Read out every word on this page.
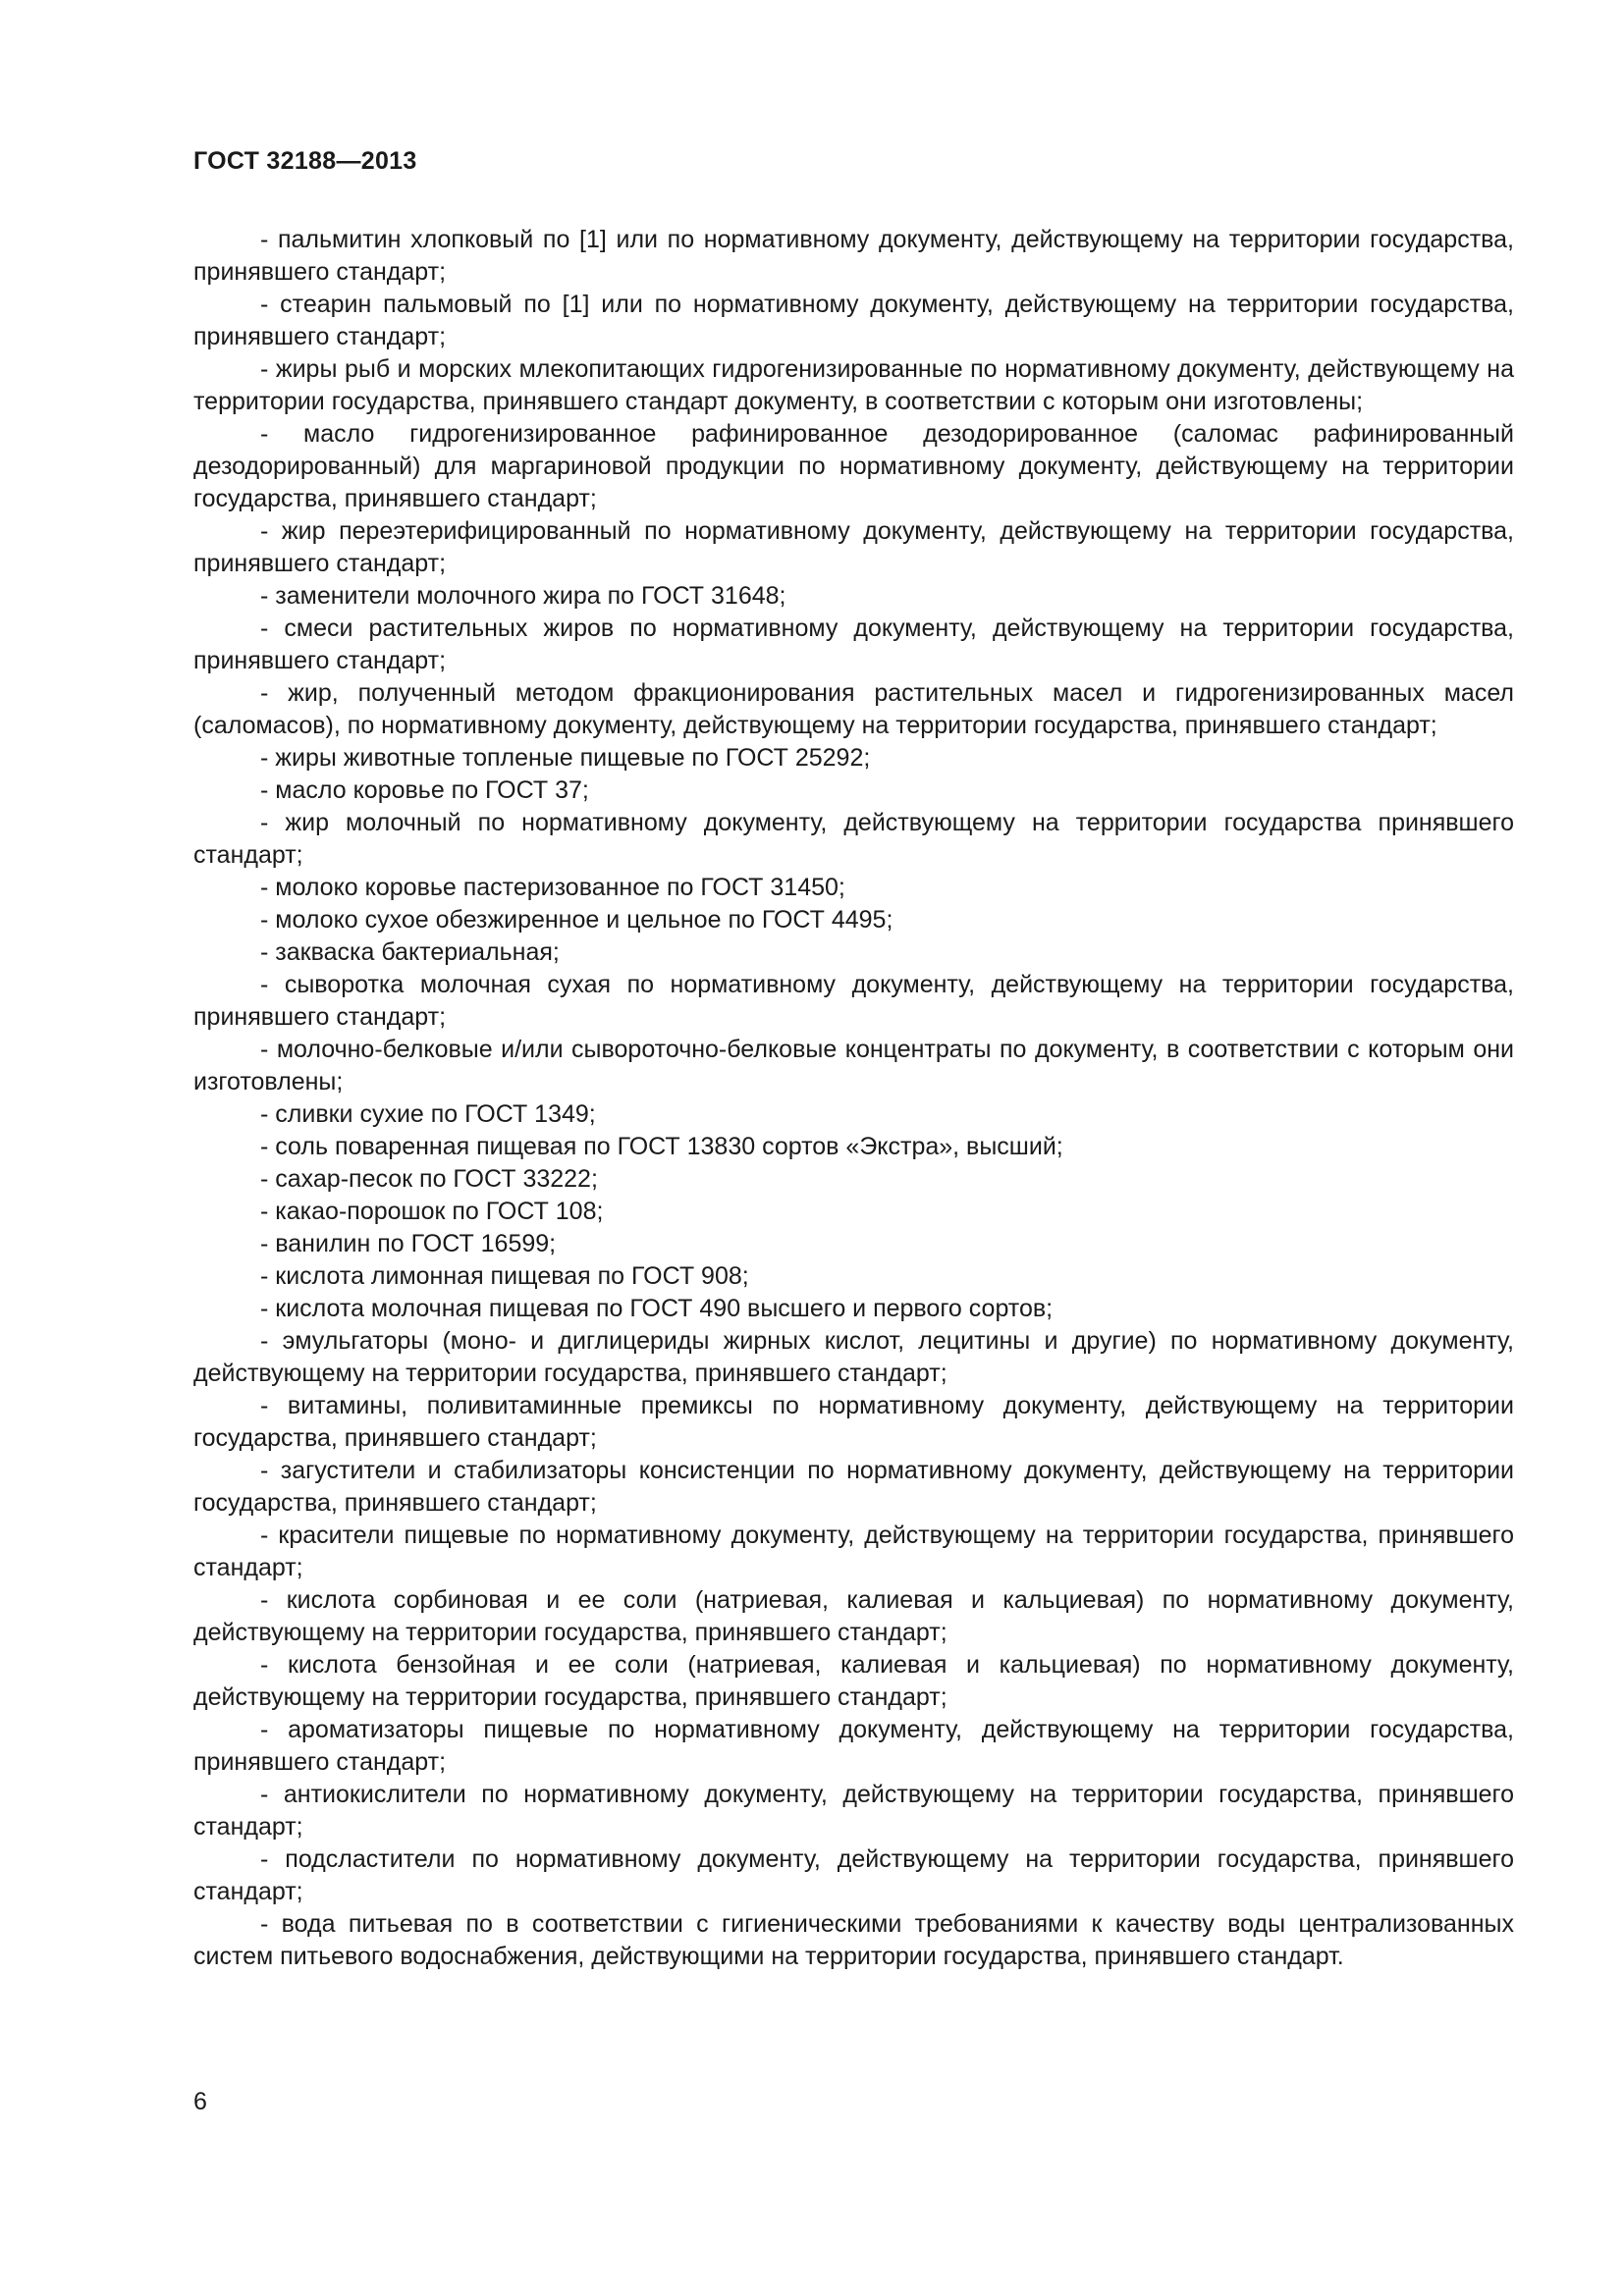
ГОСТ 32188—2013
- пальмитин хлопковый по [1] или по нормативному документу, действующему на территории государства, принявшего стандарт;
- стеарин пальмовый по [1] или по нормативному документу, действующему на территории государства, принявшего стандарт;
- жиры рыб и морских млекопитающих гидрогенизированные по нормативному документу, действующему на территории государства, принявшего стандарт документу, в соответствии с которым они изготовлены;
- масло гидрогенизированное рафинированное дезодорированное (саломас рафинированный дезодорированный) для маргариновой продукции по нормативному документу, действующему на территории государства, принявшего стандарт;
- жир переэтерифицированный по нормативному документу, действующему на территории государства, принявшего стандарт;
- заменители молочного жира по ГОСТ 31648;
- смеси растительных жиров по нормативному документу, действующему на территории государства, принявшего стандарт;
- жир, полученный методом фракционирования растительных масел и гидрогенизированных масел (саломасов), по нормативному документу, действующему на территории государства, принявшего стандарт;
- жиры животные топленые пищевые по ГОСТ 25292;
- масло коровье по ГОСТ 37;
- жир молочный по нормативному документу, действующему на территории государства принявшего стандарт;
- молоко коровье пастеризованное по ГОСТ 31450;
- молоко сухое обезжиренное и цельное по ГОСТ 4495;
- закваска бактериальная;
- сыворотка молочная сухая по нормативному документу, действующему на территории государства, принявшего стандарт;
- молочно-белковые и/или сывороточно-белковые концентраты по документу, в соответствии с которым они изготовлены;
- сливки сухие по ГОСТ 1349;
- соль поваренная пищевая по ГОСТ 13830 сортов «Экстра», высший;
- сахар-песок по ГОСТ 33222;
- какао-порошок по ГОСТ 108;
- ванилин по ГОСТ 16599;
- кислота лимонная пищевая по ГОСТ 908;
- кислота молочная пищевая по ГОСТ 490 высшего и первого сортов;
- эмульгаторы (моно- и диглицериды жирных кислот, лецитины и другие) по нормативному документу, действующему на территории государства, принявшего стандарт;
- витамины, поливитаминные премиксы по нормативному документу, действующему на территории государства, принявшего стандарт;
- загустители и стабилизаторы консистенции по нормативному документу, действующему на территории государства, принявшего стандарт;
- красители пищевые по нормативному документу, действующему на территории государства, принявшего стандарт;
- кислота сорбиновая и ее соли (натриевая, калиевая и кальциевая) по нормативному документу, действующему на территории государства, принявшего стандарт;
- кислота бензойная и ее соли (натриевая, калиевая и кальциевая) по нормативному документу, действующему на территории государства, принявшего стандарт;
- ароматизаторы пищевые по нормативному документу, действующему на территории государства, принявшего стандарт;
- антиокислители по нормативному документу, действующему на территории государства, принявшего стандарт;
- подсластители по нормативному документу, действующему на территории государства, принявшего стандарт;
- вода питьевая по в соответствии с гигиеническими требованиями к качеству воды централизованных систем питьевого водоснабжения, действующими на территории государства, принявшего стандарт.
6
